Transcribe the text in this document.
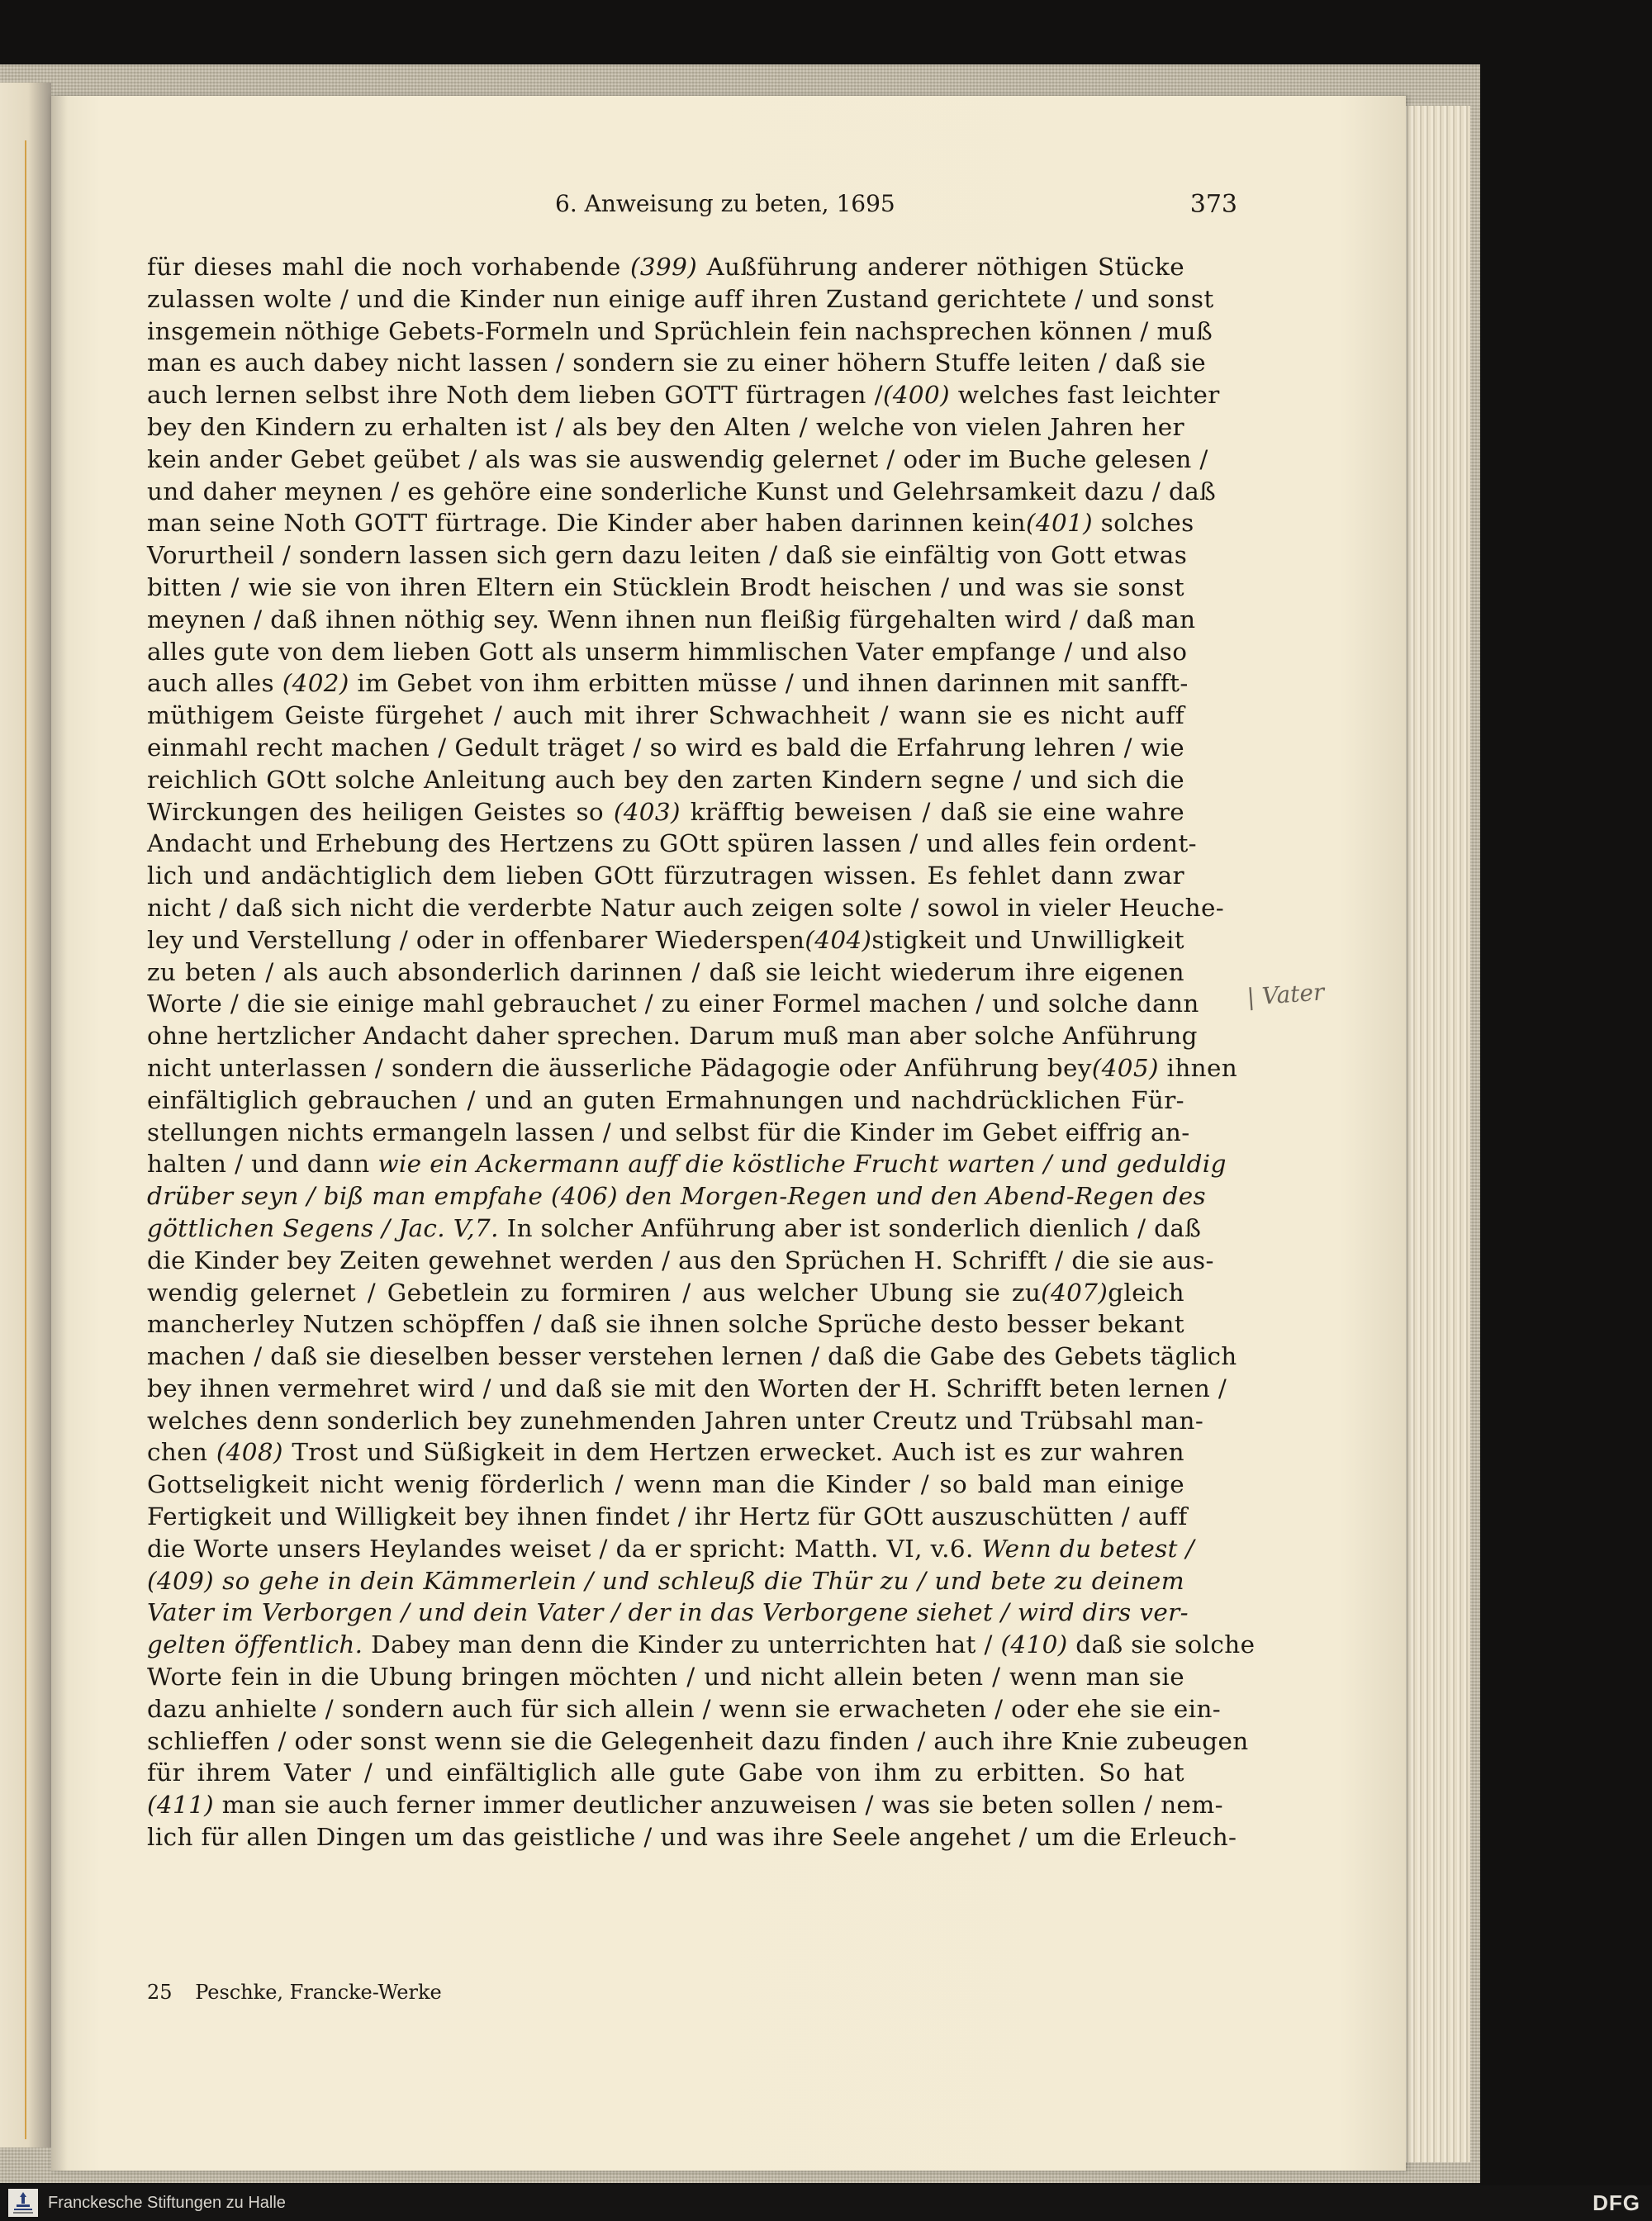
6. Anweisung zu beten, 1695	373
für dieses mahl die noch vorhabende (399) Außführung anderer nöthigen Stücke
zulassen wolte / und die Kinder nun einige auff ihren Zustand gerichtete / und sonst
insgemein nöthige Gebets-Formeln und Sprüchlein fein nachsprechen können / muß
man es auch dabey nicht lassen / sondern sie zu einer höhern Stuffe leiten / daß sie
auch lernen selbst ihre Noth dem lieben GOTT fürtragen /(400) welches fast leichter
bey den Kindern zu erhalten ist / als bey den Alten / welche von vielen Jahren her
kein ander Gebet geübet / als was sie auswendig gelernet / oder im Buche gelesen /
und daher meynen / es gehöre eine sonderliche Kunst und Gelehrsamkeit dazu / daß
man seine Noth GOTT fürtrage. Die Kinder aber haben darinnen kein(401) solches
Vorurtheil / sondern lassen sich gern dazu leiten / daß sie einfältig von Gott etwas
bitten / wie sie von ihren Eltern ein Stücklein Brodt heischen / und was sie sonst
meynen / daß ihnen nöthig sey. Wenn ihnen nun fleißig fürgehalten wird / daß man
alles gute von dem lieben Gott als unserm himmlischen Vater empfange / und also
auch alles (402) im Gebet von ihm erbitten müsse / und ihnen darinnen mit sanfft-
müthigem Geiste fürgehet / auch mit ihrer Schwachheit / wann sie es nicht auff
einmahl recht machen / Gedult träget / so wird es bald die Erfahrung lehren / wie
reichlich GOtt solche Anleitung auch bey den zarten Kindern segne / und sich die
Wirckungen des heiligen Geistes so (403) kräfftig beweisen / daß sie eine wahre
Andacht und Erhebung des Hertzens zu GOtt spüren lassen / und alles fein ordent-
lich und andächtiglich dem lieben GOtt fürzutragen wissen. Es fehlet dann zwar
nicht / daß sich nicht die verderbte Natur auch zeigen solte / sowol in vieler Heuche-
ley und Verstellung / oder in offenbarer Wiederspen(404)stigkeit und Unwilligkeit
zu beten / als auch absonderlich darinnen / daß sie leicht wiederum ihre eigenen
Worte / die sie einige mahl gebrauchet / zu einer Formel machen / und solche dann
ohne hertzlicher Andacht daher sprechen. Darum muß man aber solche Anführung
nicht unterlassen / sondern die äusserliche Pädagogie oder Anführung bey(405) ihnen
einfältiglich gebrauchen / und an guten Ermahnungen und nachdrücklichen Für-
stellungen nichts ermangeln lassen / und selbst für die Kinder im Gebet eiffrig an-
halten / und dann wie ein Ackermann auff die köstliche Frucht warten / und geduldig
drüber seyn / biß man empfahe (406) den Morgen-Regen und den Abend-Regen des
göttlichen Segens / Jac. V,7. In solcher Anführung aber ist sonderlich dienlich / daß
die Kinder bey Zeiten gewehnet werden / aus den Sprüchen H. Schrifft / die sie aus-
wendig gelernet / Gebetlein zu formiren / aus welcher Ubung sie zu(407)gleich
mancherley Nutzen schöpffen / daß sie ihnen solche Sprüche desto besser bekant
machen / daß sie dieselben besser verstehen lernen / daß die Gabe des Gebets täglich
bey ihnen vermehret wird / und daß sie mit den Worten der H. Schrifft beten lernen /
welches denn sonderlich bey zunehmenden Jahren unter Creutz und Trübsahl man-
chen (408) Trost und Süßigkeit in dem Hertzen erwecket. Auch ist es zur wahren
Gottseligkeit nicht wenig förderlich / wenn man die Kinder / so bald man einige
Fertigkeit und Willigkeit bey ihnen findet / ihr Hertz für GOtt auszuschütten / auff
die Worte unsers Heylandes weiset / da er spricht: Matth. VI, v.6. Wenn du betest /
(409) so gehe in dein Kämmerlein / und schleuß die Thür zu / und bete zu deinem
Vater im Verborgen / und dein Vater / der in das Verborgene siehet / wird dirs ver-
gelten öffentlich. Dabey man denn die Kinder zu unterrichten hat / (410) daß sie solche
Worte fein in die Ubung bringen möchten / und nicht allein beten / wenn man sie
dazu anhielte / sondern auch für sich allein / wenn sie erwacheten / oder ehe sie ein-
schlieffen / oder sonst wenn sie die Gelegenheit dazu finden / auch ihre Knie zubeugen
für ihrem Vater / und einfältiglich alle gute Gabe von ihm zu erbitten. So hat
(411) man sie auch ferner immer deutlicher anzuweisen / was sie beten sollen / nem-
lich für allen Dingen um das geistliche / und was ihre Seele angehet / um die Erleuch-
| Vater
25 Peschke, Francke-Werke
Franckesche Stiftungen zu Halle	DFG
